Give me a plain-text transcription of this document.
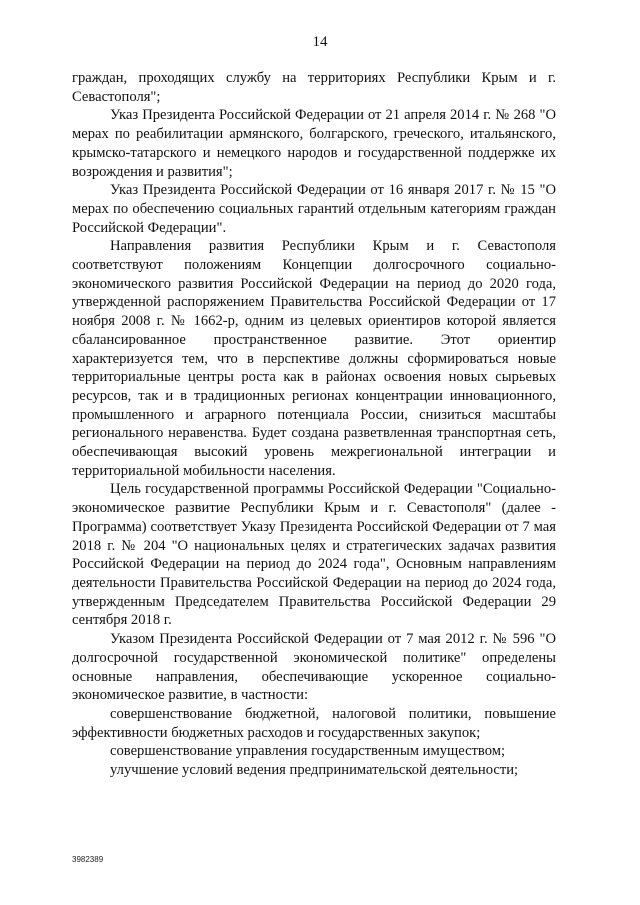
14

граждан, проходящих службу на территориях Республики Крым и г. Севастополя";

Указ Президента Российской Федерации от 21 апреля 2014 г. № 268 "О мерах по реабилитации армянского, болгарского, греческого, итальянского, крымско-татарского и немецкого народов и государственной поддержке их возрождения и развития";

Указ Президента Российской Федерации от 16 января 2017 г. № 15 "О мерах по обеспечению социальных гарантий отдельным категориям граждан Российской Федерации".

Направления развития Республики Крым и г. Севастополя соответствуют положениям Концепции долгосрочного социально-экономического развития Российской Федерации на период до 2020 года, утвержденной распоряжением Правительства Российской Федерации от 17 ноября 2008 г. № 1662-р, одним из целевых ориентиров которой является сбалансированное пространственное развитие. Этот ориентир характеризуется тем, что в перспективе должны сформироваться новые территориальные центры роста как в районах освоения новых сырьевых ресурсов, так и в традиционных регионах концентрации инновационного, промышленного и аграрного потенциала России, снизиться масштабы регионального неравенства. Будет создана разветвленная транспортная сеть, обеспечивающая высокий уровень межрегиональной интеграции и территориальной мобильности населения.

Цель государственной программы Российской Федерации "Социально-экономическое развитие Республики Крым и г. Севастополя" (далее - Программа) соответствует Указу Президента Российской Федерации от 7 мая 2018 г. № 204 "О национальных целях и стратегических задачах развития Российской Федерации на период до 2024 года", Основным направлениям деятельности Правительства Российской Федерации на период до 2024 года, утвержденным Председателем Правительства Российской Федерации 29 сентября 2018 г.

Указом Президента Российской Федерации от 7 мая 2012 г. № 596 "О долгосрочной государственной экономической политике" определены основные направления, обеспечивающие ускоренное социально-экономическое развитие, в частности:

совершенствование бюджетной, налоговой политики, повышение эффективности бюджетных расходов и государственных закупок;

совершенствование управления государственным имуществом;

улучшение условий ведения предпринимательской деятельности;

3982389
